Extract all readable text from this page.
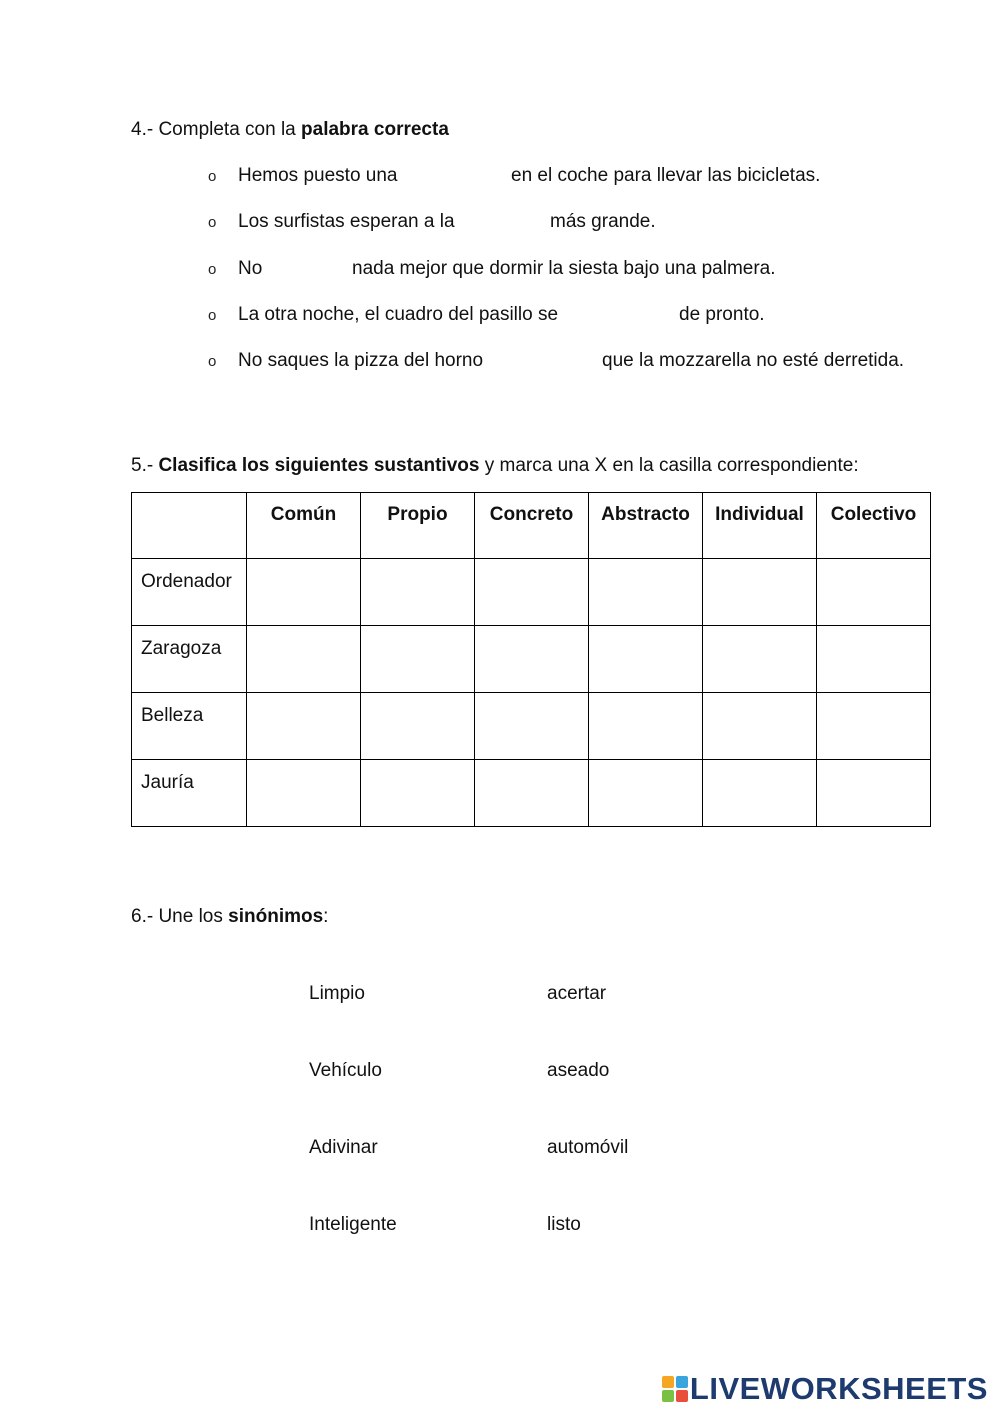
4.- Completa con la palabra correcta
o Hemos puesto una	en el coche para llevar las bicicletas.
o Los surfistas esperan a la	más grande.
o No	nada mejor que dormir la siesta bajo una palmera.
o La otra noche, el cuadro del pasillo se	de pronto.
o No saques la pizza del horno	que la mozzarella no esté derretida.
5.- Clasifica los siguientes sustantivos y marca una X en la casilla correspondiente:
	Común	Propio	Concreto	Abstracto	Individual	Colectivo
Ordenador						
Zaragoza						
Belleza						
Jauría						
6.- Une los sinónimos:
Limpio	acertar
Vehículo	aseado
Adivinar	automóvil
Inteligente	listo
LIVEWORKSHEETS
